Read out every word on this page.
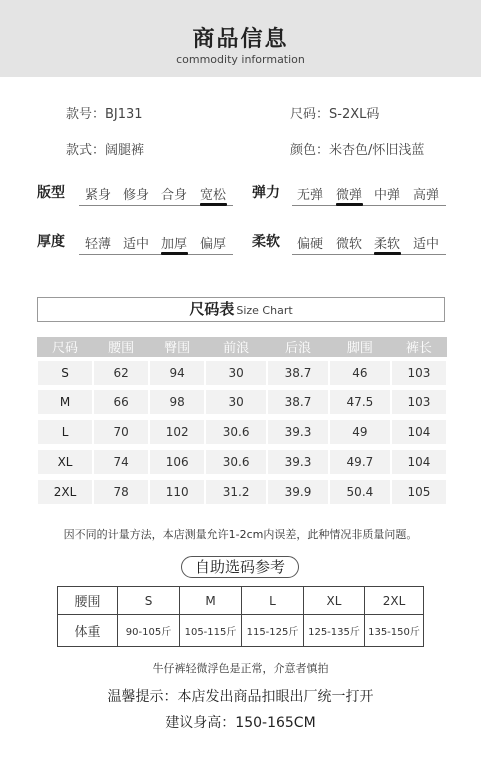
商品信息
commodity information
款号：BJ131	尺码：S-2XL码
款式：阔腿裤	颜色：米杏色/怀旧浅蓝
版型 紧身 修身 合身 宽松 弹力 无弹 微弹 中弹 高弹
厚度 轻薄 适中 加厚 偏厚 柔软 偏硬 微软 柔软 适中
尺码表 Size Chart
尺码	腰围	臀围	前浪	后浪	脚围	裤长

S	62	94	30	38.7	46	103

M	66	98	30	38.7	47.5	103

L	70	102	30.6	39.3	49	104

XL	74	106	30.6	39.3	49.7	104

2XL	78	110	31.2	39.9	50.4	105
因不同的计量方法，本店测量允许1-2cm内误差，此种情况非质量问题。
自助选码参考
腰围	S	M	L	XL	2XL
体重	90-105斤	105-115斤	115-125斤	125-135斤	135-150斤
牛仔裤轻微浮色是正常，介意者慎拍
温馨提示：本店发出商品扣眼出厂统一打开
建议身高：150-165CM
